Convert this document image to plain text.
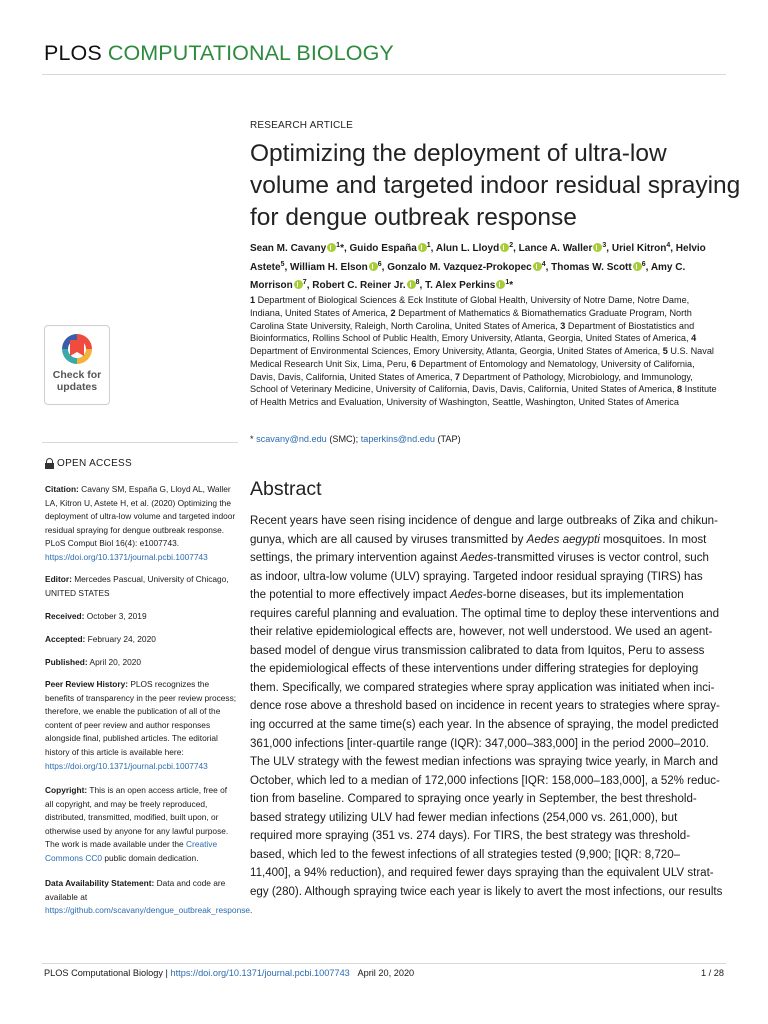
PLOS COMPUTATIONAL BIOLOGY
RESEARCH ARTICLE
Optimizing the deployment of ultra-low
volume and targeted indoor residual spraying
for dengue outbreak response
Sean M. Cavany $^1$*, Guido España $^1$, Alun L. Lloyd $^2$, Lance A. Waller $^3$, Uriel Kitron$^4$, Helvio Astete$^5$, William H. Elson $^6$, Gonzalo M. Vazquez-Prokopec $^4$, Thomas W. Scott $^6$, Amy C. Morrison $^7$, Robert C. Reiner Jr. $^8$, T. Alex Perkins $^1$*
1 Department of Biological Sciences & Eck Institute of Global Health, University of Notre Dame, Notre Dame, Indiana, United States of America, 2 Department of Mathematics & Biomathematics Graduate Program, North Carolina State University, Raleigh, North Carolina, United States of America, 3 Department of Biostatistics and Bioinformatics, Rollins School of Public Health, Emory University, Atlanta, Georgia, United States of America, 4 Department of Environmental Sciences, Emory University, Atlanta, Georgia, United States of America, 5 U.S. Naval Medical Research Unit Six, Lima, Peru, 6 Department of Entomology and Nematology, University of California, Davis, Davis, California, United States of America, 7 Department of Pathology, Microbiology, and Immunology, School of Veterinary Medicine, University of California, Davis, Davis, California, United States of America, 8 Institute of Health Metrics and Evaluation, University of Washington, Seattle, Washington, United States of America
* scavany@nd.edu (SMC); taperkins@nd.edu (TAP)
Check for
updates
OPEN ACCESS
Citation: Cavany SM, España G, Lloyd AL, Waller LA, Kitron U, Astete H, et al. (2020) Optimizing the deployment of ultra-low volume and targeted indoor residual spraying for dengue outbreak response. PLoS Comput Biol 16(4): e1007743. https://doi.org/10.1371/journal.pcbi.1007743
Editor: Mercedes Pascual, University of Chicago, UNITED STATES
Received: October 3, 2019
Accepted: February 24, 2020
Published: April 20, 2020
Peer Review History: PLOS recognizes the benefits of transparency in the peer review process; therefore, we enable the publication of all of the content of peer review and author responses alongside final, published articles. The editorial history of this article is available here: https://doi.org/10.1371/journal.pcbi.1007743
Copyright: This is an open access article, free of all copyright, and may be freely reproduced, distributed, transmitted, modified, built upon, or otherwise used by anyone for any lawful purpose. The work is made available under the Creative Commons CC0 public domain dedication.
Data Availability Statement: Data and code are available at https://github.com/scavany/dengue_outbreak_response.
Abstract
Recent years have seen rising incidence of dengue and large outbreaks of Zika and chikun-
gunya, which are all caused by viruses transmitted by Aedes aegypti mosquitoes. In most
settings, the primary intervention against Aedes-transmitted viruses is vector control, such
as indoor, ultra-low volume (ULV) spraying. Targeted indoor residual spraying (TIRS) has
the potential to more effectively impact Aedes-borne diseases, but its implementation
requires careful planning and evaluation. The optimal time to deploy these interventions and
their relative epidemiological effects are, however, not well understood. We used an agent-
based model of dengue virus transmission calibrated to data from Iquitos, Peru to assess
the epidemiological effects of these interventions under differing strategies for deploying
them. Specifically, we compared strategies where spray application was initiated when inci-
dence rose above a threshold based on incidence in recent years to strategies where spray-
ing occurred at the same time(s) each year. In the absence of spraying, the model predicted
361,000 infections [inter-quartile range (IQR): 347,000–383,000] in the period 2000–2010.
The ULV strategy with the fewest median infections was spraying twice yearly, in March and
October, which led to a median of 172,000 infections [IQR: 158,000–183,000], a 52% reduc-
tion from baseline. Compared to spraying once yearly in September, the best threshold-
based strategy utilizing ULV had fewer median infections (254,000 vs. 261,000), but
required more spraying (351 vs. 274 days). For TIRS, the best strategy was threshold-
based, which led to the fewest infections of all strategies tested (9,900; [IQR: 8,720–
11,400], a 94% reduction), and required fewer days spraying than the equivalent ULV strat-
egy (280). Although spraying twice each year is likely to avert the most infections, our results
PLOS Computational Biology | https://doi.org/10.1371/journal.pcbi.1007743 April 20, 2020	1 / 28
